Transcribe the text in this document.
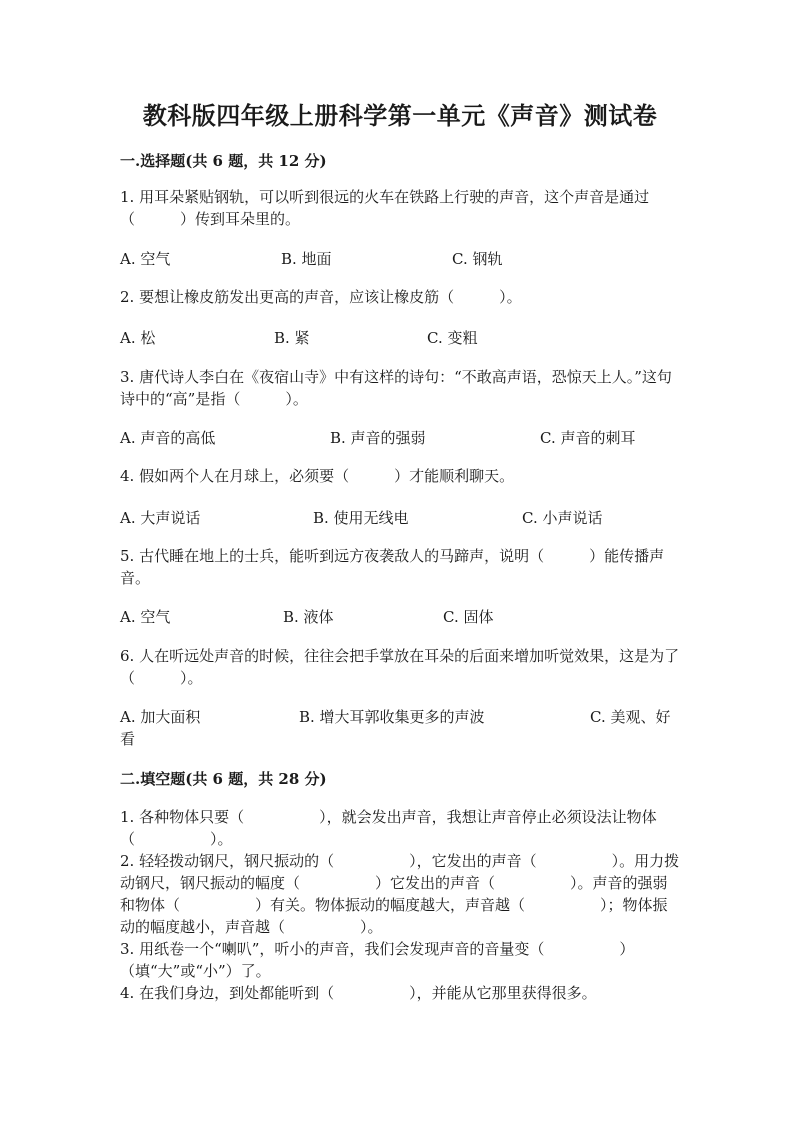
教科版四年级上册科学第一单元《声音》测试卷
一.选择题(共 6 题，共 12 分)
1. 用耳朵紧贴钢轨，可以听到很远的火车在铁路上行驶的声音，这个声音是通过（　　　）传到耳朵里的。
A. 空气	B. 地面	C. 钢轨
2. 要想让橡皮筋发出更高的声音，应该让橡皮筋（　　　）。
A. 松	B. 紧	C. 变粗
3. 唐代诗人李白在《夜宿山寺》中有这样的诗句：“不敢高声语，恐惊天上人。”这句诗中的“高”是指（　　　）。
A. 声音的高低	B. 声音的强弱	C. 声音的刺耳
4. 假如两个人在月球上，必须要（　　　）才能顺利聊天。
A. 大声说话	B. 使用无线电	C. 小声说话
5. 古代睡在地上的士兵，能听到远方夜袭敌人的马蹄声，说明（　　　）能传播声音。
A. 空气	B. 液体	C. 固体
6. 人在听远处声音的时候，往往会把手掌放在耳朵的后面来增加听觉效果，这是为了（　　　）。
A. 加大面积	B. 增大耳郭收集更多的声波	C. 美观、好看
二.填空题(共 6 题，共 28 分)
1. 各种物体只要（　　　　　），就会发出声音，我想让声音停止必须设法让物体（　　　　　）。
2. 轻轻拨动钢尺，钢尺振动的（　　　　　），它发出的声音（　　　　　）。用力拨动钢尺，钢尺振动的幅度（　　　　　）它发出的声音（　　　　　）。声音的强弱和物体（　　　　　）有关。物体振动的幅度越大，声音越（　　　　　）；物体振动的幅度越小，声音越（　　　　　）。
3. 用纸卷一个“喇叭”，听小的声音，我们会发现声音的音量变（　　　　　）（填“大”或“小”）了。
4. 在我们身边，到处都能听到（　　　　　），并能从它那里获得很多。
